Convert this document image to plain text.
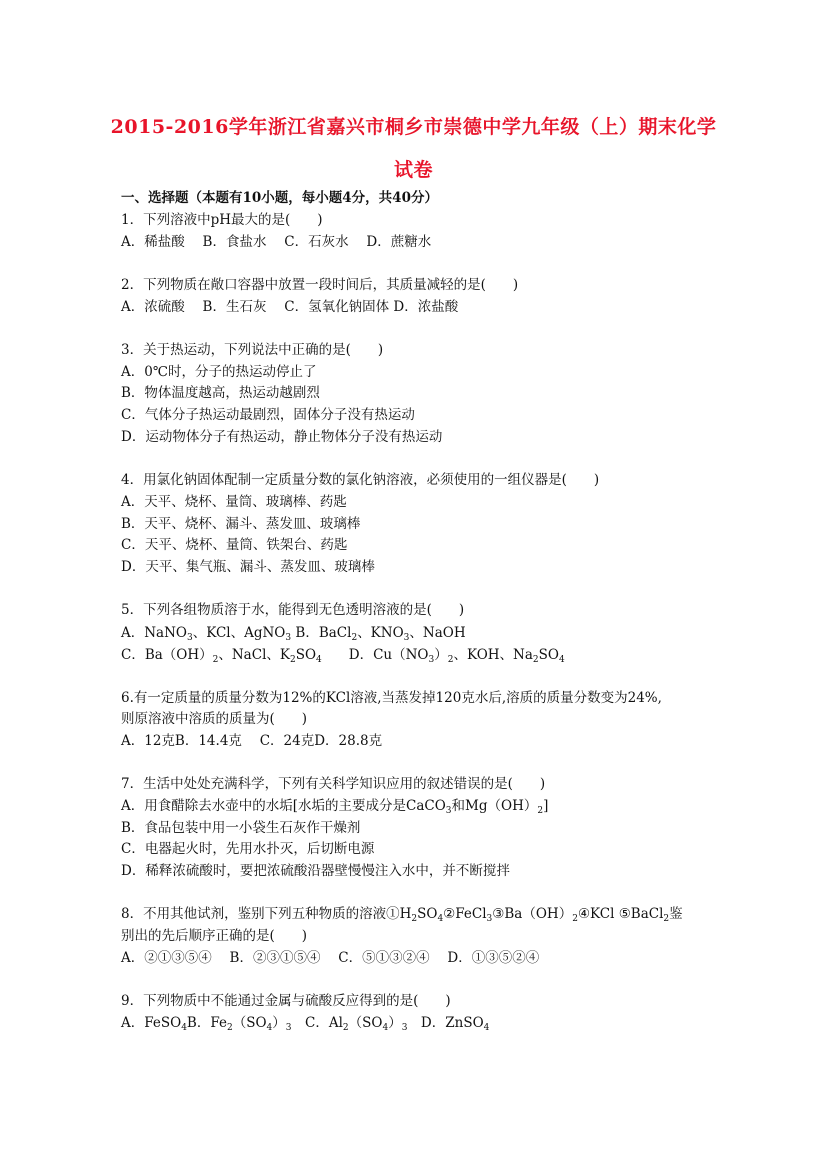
2015-2016学年浙江省嘉兴市桐乡市崇德中学九年级（上）期末化学
试卷
一、选择题（本题有10小题，每小题4分，共40分）
1．下列溶液中pH最大的是(　　)
A．稀盐酸　 B．食盐水　 C．石灰水　 D．蔗糖水
2．下列物质在敞口容器中放置一段时间后，其质量减轻的是(　　)
A．浓硫酸　 B．生石灰　 C．氢氧化钠固体 D．浓盐酸
3．关于热运动，下列说法中正确的是(　　)
A．0℃时，分子的热运动停止了
B．物体温度越高，热运动越剧烈
C．气体分子热运动最剧烈，固体分子没有热运动
D．运动物体分子有热运动，静止物体分子没有热运动
4．用氯化钠固体配制一定质量分数的氯化钠溶液，必须使用的一组仪器是(　　)
A．天平、烧杯、量筒、玻璃棒、药匙
B．天平、烧杯、漏斗、蒸发皿、玻璃棒
C．天平、烧杯、量筒、铁架台、药匙
D．天平、集气瓶、漏斗、蒸发皿、玻璃棒
5．下列各组物质溶于水，能得到无色透明溶液的是(　　)
A．NaNO$_3$、KCl、AgNO$_3$ B．BaCl$_2$、$KNO_3$、NaOH
C．$Ba(OH)_2$、NaCl、$K_2SO_4$　　D．$Cu(NO_3)_2$、KOH、$Na_2SO_4$
6.有一定质量的质量分数为12%的KCl溶液,当蒸发掉120克水后,溶质的质量分数变为24%,
则原溶液中溶质的质量为(　　)
A．12克B．14.4克　 C．24克D．28.8克
7．生活中处处充满科学，下列有关科学知识应用的叙述错误的是(　　)
A．用食醋除去水壶中的水垢[水垢的主要成分是CaCO$_3$和$Mg(OH)_2$]
B．食品包装中用一小袋生石灰作干燥剂
C．电器起火时，先用水扑灭，后切断电源
D．稀释浓硫酸时，要把浓硫酸沿器壁慢慢注入水中，并不断搅拌
8．不用其他试剂，鉴别下列五种物质的溶液$①H_2SO_4②FeCl_3③Ba(OH)_2④KCl$ ⑤BaCl$_2$鉴
别出的先后顺序正确的是(　　)
A．②①③⑤④　 B．②③①⑤④　 C．⑤①③②④　 D．①③⑤②④
9．下列物质中不能通过金属与硫酸反应得到的是(　　)
A．FeSO$_4$B．$Fe_2(SO_4)_3$　C．$Al_2(SO_4)_3$　D．ZnSO$_4$
